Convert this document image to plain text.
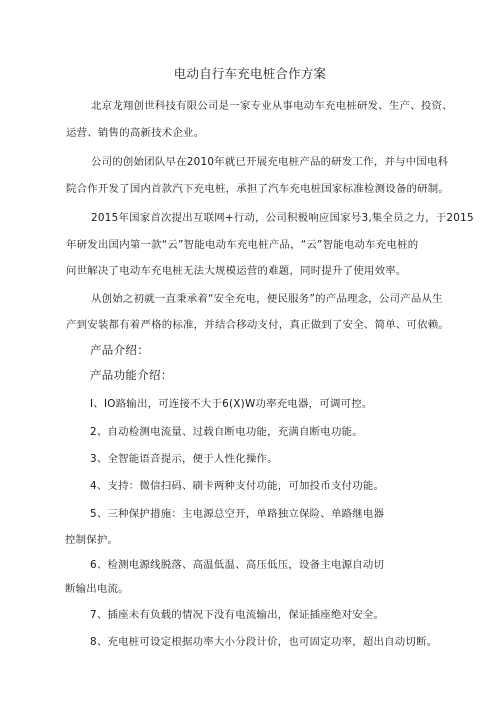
电动自行车充电桩合作方案
北京龙翔创世科技有限公司是一家专业从事电动车充电桩研发、生产、投资、
运营、销售的高新技术企业。
公司的创始团队早在2010年就已开展充电桩产品的研发工作，并与中国电科
院合作开发了国内首款汽下充电桩，承担了汽车充电桩国家标准检测设备的研制。
2015年国家首次提出互联网+行动，公司积极响应国家号3,集全员之力，于2015
年研发出国内第一款“云”智能电动车充电桩产品，“云”智能电动车充电桩的
问世解决了电动车充电桩无法大规模运营的难题，同时提升了使用效率。
从创始之初就一直秉承着“安全充电，便民服务”的产品理念，公司产品从生
产到安装都有着严格的标准，并结合移动支付，真正做到了安全、简单、可依赖。
产品介绍：
产品功能介绍：
I、IO路输出，可连接不大于6(X)W功率充电器，可调可控。
2、自动检测电流量、过载自断电功能，充满自断电功能。
3、全智能语音提示，便于人性化操作。
4、支持：微信扫码、刷卡两种支付功能，可加投币支付功能。
5、三种保护措施：主电源总空开，单路独立保险、单路继电器
控制保护。
6、检测电源线脱落、高温低温、高压低压，设备主电源自动切
断输出电流。
7、插座未有负载的情况下没有电流输出，保证插座绝对安全。
8、充电桩可设定根据功率大小分段计价，也可固定功率，超出自动切断。
